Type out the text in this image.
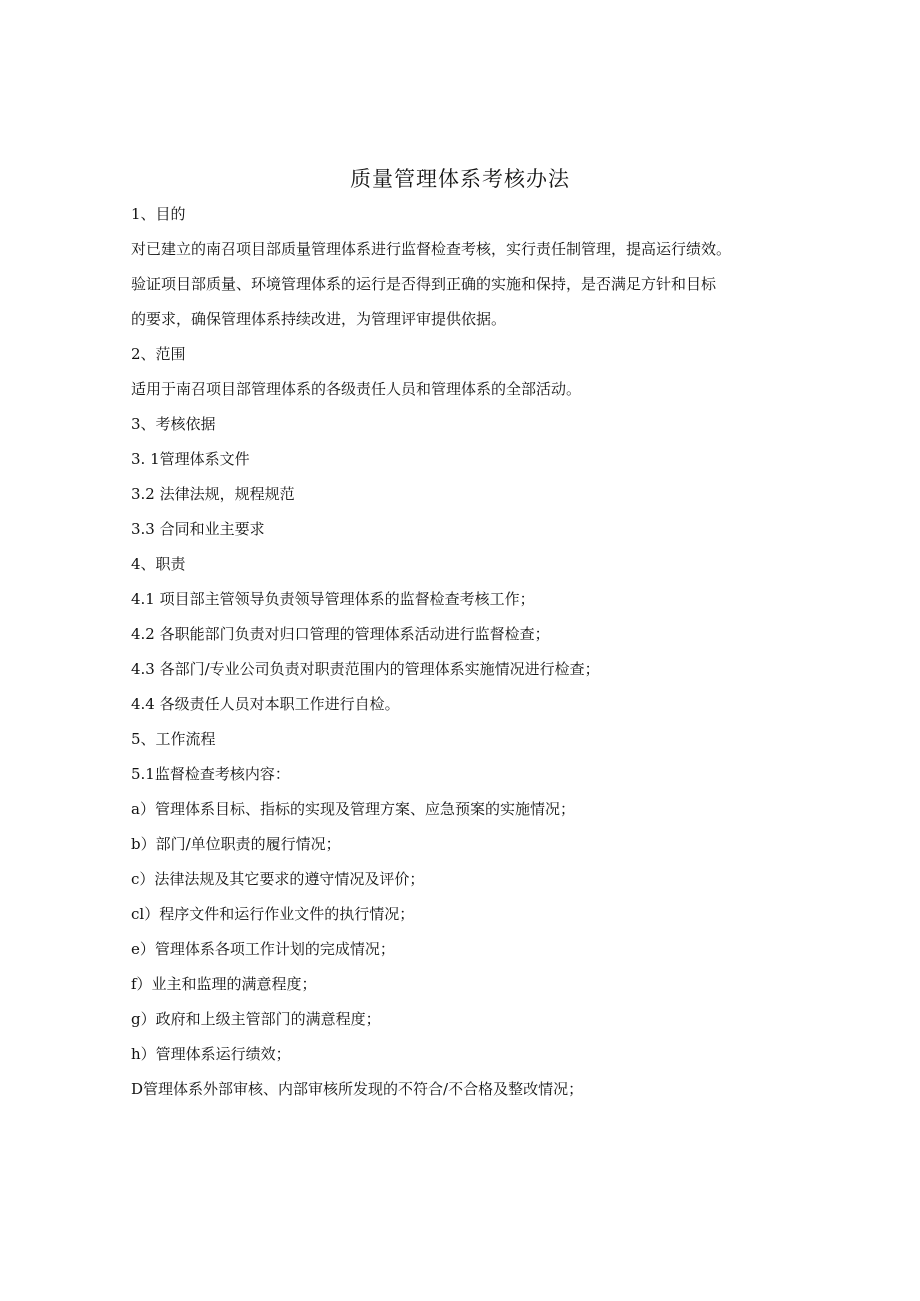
质量管理体系考核办法
1、目的
对已建立的南召项目部质量管理体系进行监督检查考核，实行责任制管理，提高运行绩效。
验证项目部质量、环境管理体系的运行是否得到正确的实施和保持，是否满足方针和目标
的要求，确保管理体系持续改进，为管理评审提供依据。
2、范围
适用于南召项目部管理体系的各级责任人员和管理体系的全部活动。
3、考核依据
3. 1管理体系文件
3.2 法律法规，规程规范
3.3 合同和业主要求
4、职责
4.1 项目部主管领导负责领导管理体系的监督检查考核工作；
4.2 各职能部门负责对归口管理的管理体系活动进行监督检查；
4.3 各部门/专业公司负责对职责范围内的管理体系实施情况进行检查；
4.4 各级责任人员对本职工作进行自检。
5、工作流程
5.1监督检查考核内容：
a）管理体系目标、指标的实现及管理方案、应急预案的实施情况；
b）部门/单位职责的履行情况；
c）法律法规及其它要求的遵守情况及评价；
cl）程序文件和运行作业文件的执行情况；
e）管理体系各项工作计划的完成情况；
f）业主和监理的满意程度；
g）政府和上级主管部门的满意程度；
h）管理体系运行绩效；
D管理体系外部审核、内部审核所发现的不符合/不合格及整改情况；
